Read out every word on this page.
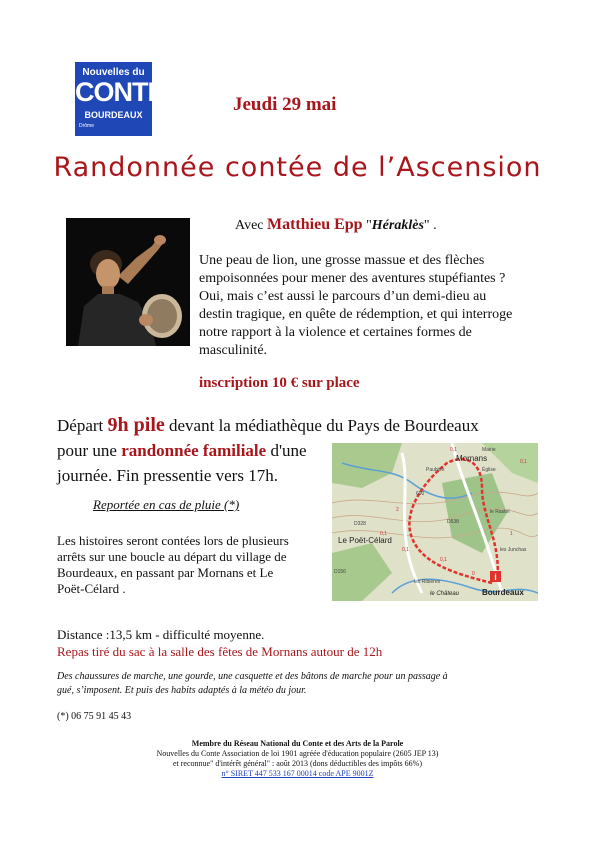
Nouvelles du
CONTE
BOURDEAUX
Drôme
Jeudi 29 mai
Randonnée contée de l’Ascension
Avec Matthieu Epp "Héraklès" .
Une peau de lion, une grosse massue et des flèches
empoisonnées pour mener des aventures stupéfiantes ?
Oui, mais c’est aussi le parcours d’un demi-dieu au
destin tragique, en quête de rédemption, et qui interroge
notre rapport à la violence et certaines formes de
masculinité.
inscription 10 € sur place
Départ 9h pile devant la médiathèque du Pays de Bourdeaux
pour une randonnée familiale d'une
journée. Fin pressentie vers 17h.
i
Mornans
Mairie
Église
Paubion
le Rastel
690
D328
Le Poët-Célard
D538
D156
les Junchas
les Ribières
le Château	Bourdeaux
0,1
0,1
0,1
0,1
0,1
0
1
2
Reportée en cas de pluie (*)
Les histoires seront contées lors de plusieurs
arrêts sur une boucle au départ du village de
Bourdeaux, en passant par Mornans et Le
Poët-Célard .
Distance :13,5 km - difficulté moyenne.
Repas tiré du sac à la salle des fêtes de Mornans autour de 12h
Des chaussures de marche, une gourde, une casquette et des bâtons de marche pour un passage à
gué, s’imposent. Et puis des habits adaptés à la météo du jour.
(*) 06 75 91 45 43
Membre du Réseau National du Conte et des Arts de la Parole
Nouvelles du Conte Association de loi 1901 agréée d'éducation populaire (2605 JEP 13)
et reconnue" d'intérêt général" : août 2013 (dons déductibles des impôts 66%)
n° SIRET 447 533 167 00014 code APE 9001Z
